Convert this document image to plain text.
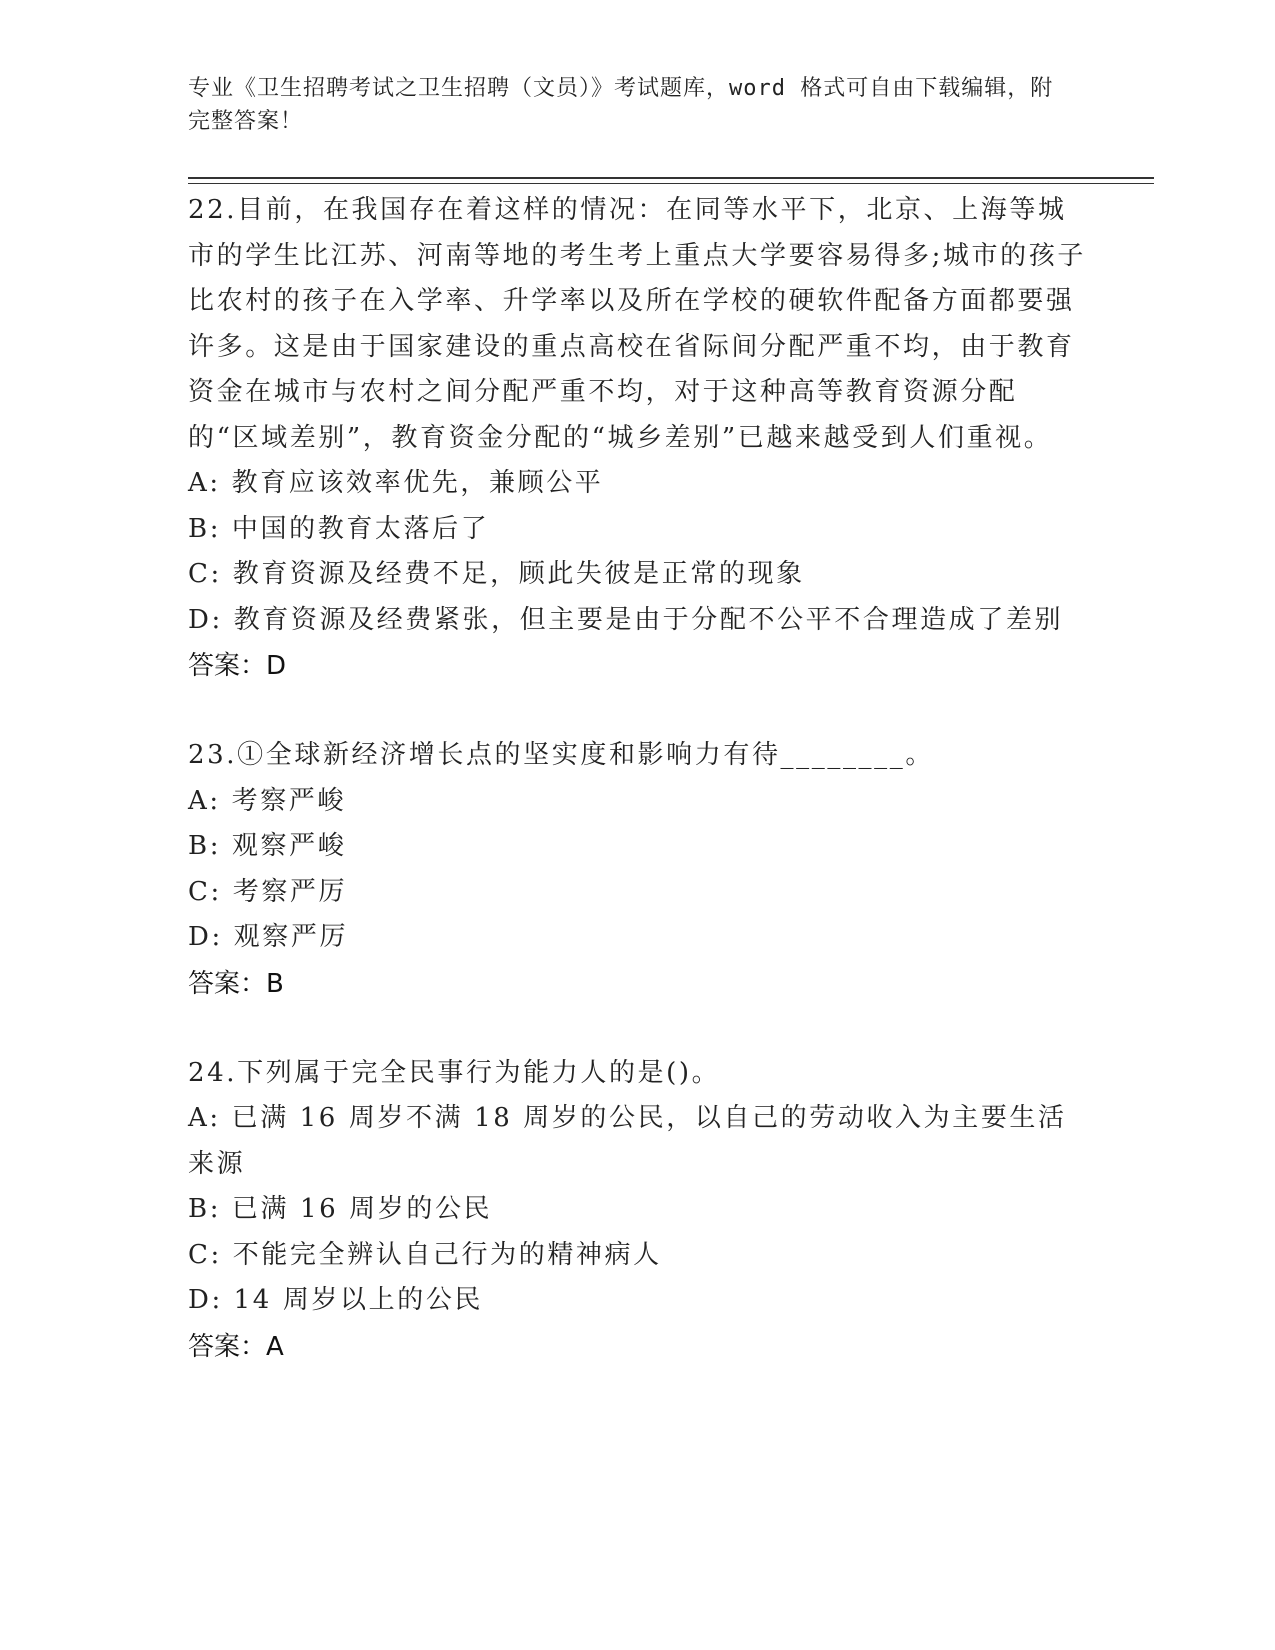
专业《卫生招聘考试之卫生招聘（文员）》考试题库，word 格式可自由下载编辑，附完整答案！

22.目前，在我国存在着这样的情况：在同等水平下，北京、上海等城市的学生比江苏、河南等地的考生考上重点大学要容易得多;城市的孩子比农村的孩子在入学率、升学率以及所在学校的硬软件配备方面都要强许多。这是由于国家建设的重点高校在省际间分配严重不均，由于教育资金在城市与农村之间分配严重不均，对于这种高等教育资源分配的“区域差别”，教育资金分配的“城乡差别”已越来越受到人们重视。

A: 教育应该效率优先，兼顾公平

B: 中国的教育太落后了

C: 教育资源及经费不足，顾此失彼是正常的现象

D: 教育资源及经费紧张，但主要是由于分配不公平不合理造成了差别

答案：D

23.①全球新经济增长点的坚实度和影响力有待________。

A: 考察严峻

B: 观察严峻

C: 考察严厉

D: 观察严厉

答案：B

24.下列属于完全民事行为能力人的是()。

A: 已满 16 周岁不满 18 周岁的公民，以自己的劳动收入为主要生活来源

B: 已满 16 周岁的公民

C: 不能完全辨认自己行为的精神病人

D: 14 周岁以上的公民

答案：A
